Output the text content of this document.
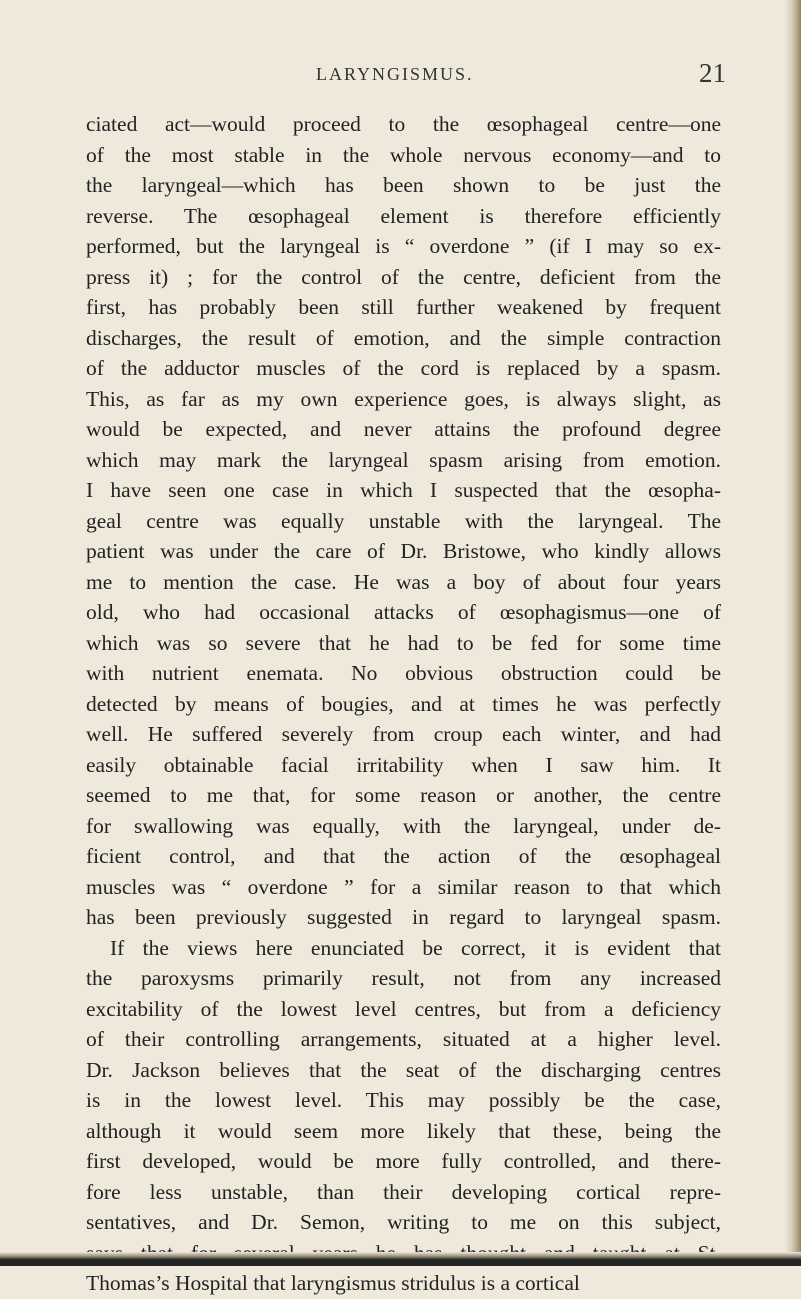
LARYNGISMUS.	21
ciated act—would proceed to the œsophageal centre—one
of the most stable in the whole nervous economy—and to
the laryngeal—which has been shown to be just the
reverse. The œsophageal element is therefore efficiently
performed, but the laryngeal is “ overdone ” (if I may so ex-
press it) ; for the control of the centre, deficient from the
first, has probably been still further weakened by frequent
discharges, the result of emotion, and the simple contraction
of the adductor muscles of the cord is replaced by a spasm.
This, as far as my own experience goes, is always slight, as
would be expected, and never attains the profound degree
which may mark the laryngeal spasm arising from emotion.
I have seen one case in which I suspected that the œsopha-
geal centre was equally unstable with the laryngeal. The
patient was under the care of Dr. Bristowe, who kindly allows
me to mention the case. He was a boy of about four years
old, who had occasional attacks of œsophagismus—one of
which was so severe that he had to be fed for some time
with nutrient enemata. No obvious obstruction could be
detected by means of bougies, and at times he was perfectly
well. He suffered severely from croup each winter, and had
easily obtainable facial irritability when I saw him. It
seemed to me that, for some reason or another, the centre
for swallowing was equally, with the laryngeal, under de-
ficient control, and that the action of the œsophageal
muscles was “ overdone ” for a similar reason to that which
has been previously suggested in regard to laryngeal spasm.
If the views here enunciated be correct, it is evident that
the paroxysms primarily result, not from any increased
excitability of the lowest level centres, but from a deficiency
of their controlling arrangements, situated at a higher level.
Dr. Jackson believes that the seat of the discharging centres
is in the lowest level. This may possibly be the case,
although it would seem more likely that these, being the
first developed, would be more fully controlled, and there-
fore less unstable, than their developing cortical repre-
sentatives, and Dr. Semon, writing to me on this subject,
Thomas’s Hospital that laryngismus stridulus is a cortical
